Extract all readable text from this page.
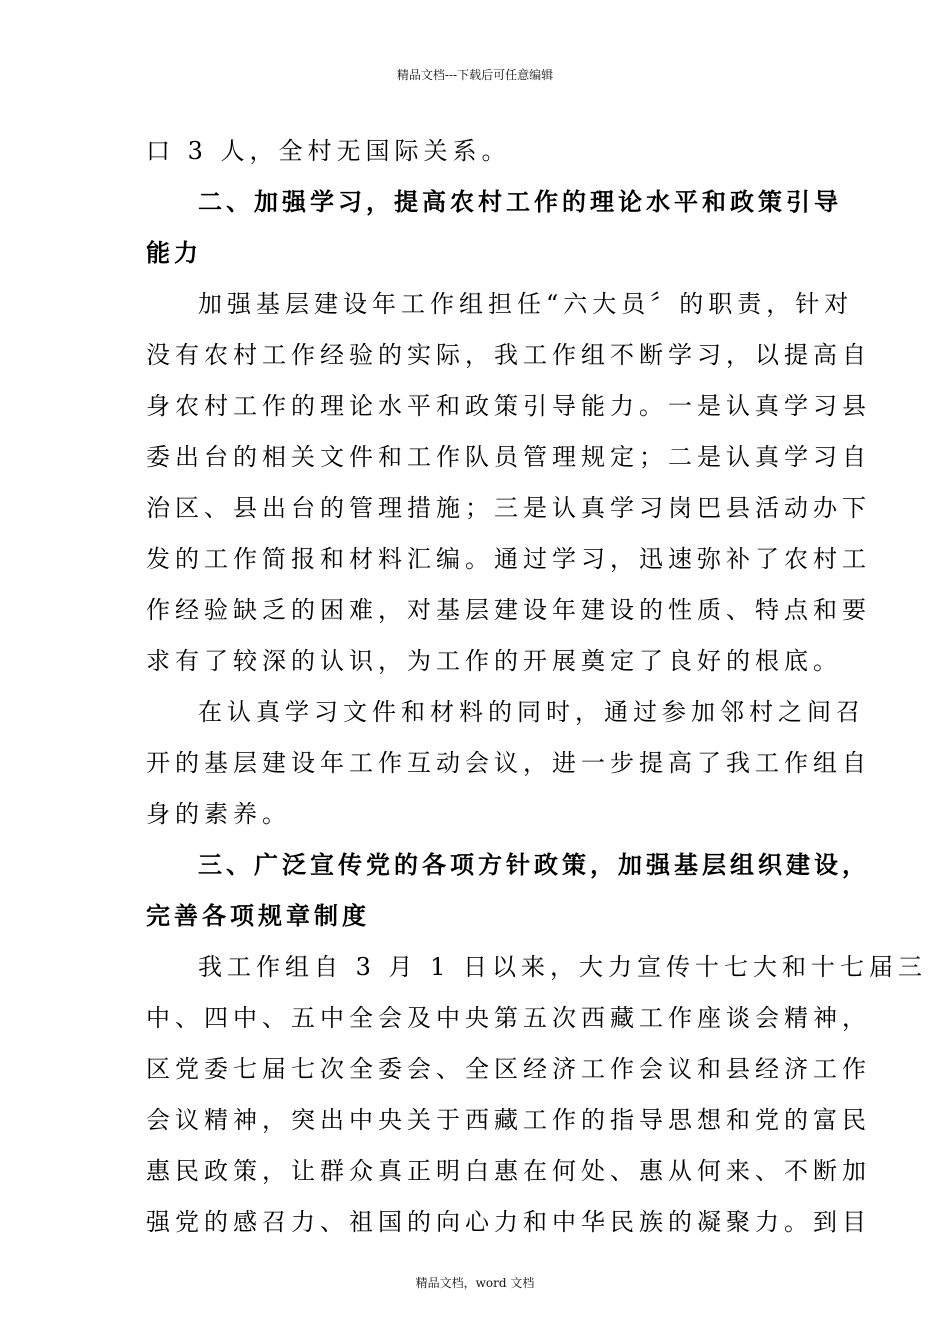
精品文档---下载后可任意编辑
口 3 人，全村无国际关系。
二、加强学习，提高农村工作的理论水平和政策引导
能力
加强基层建设年工作组担任“六大员〞的职责，针对
没有农村工作经验的实际，我工作组不断学习，以提高自
身农村工作的理论水平和政策引导能力。一是认真学习县
委出台的相关文件和工作队员管理规定；二是认真学习自
治区、县出台的管理措施；三是认真学习岗巴县活动办下
发的工作简报和材料汇编。通过学习，迅速弥补了农村工
作经验缺乏的困难，对基层建设年建设的性质、特点和要
求有了较深的认识，为工作的开展奠定了良好的根底。
在认真学习文件和材料的同时，通过参加邻村之间召
开的基层建设年工作互动会议，进一步提高了我工作组自
身的素养。
三、广泛宣传党的各项方针政策，加强基层组织建设，
完善各项规章制度
我工作组自 3 月 1 日以来，大力宣传十七大和十七届三
中、四中、五中全会及中央第五次西藏工作座谈会精神，
区党委七届七次全委会、全区经济工作会议和县经济工作
会议精神，突出中央关于西藏工作的指导思想和党的富民
惠民政策，让群众真正明白惠在何处、惠从何来、不断加
强党的感召力、祖国的向心力和中华民族的凝聚力。到目
精品文档，word 文档
